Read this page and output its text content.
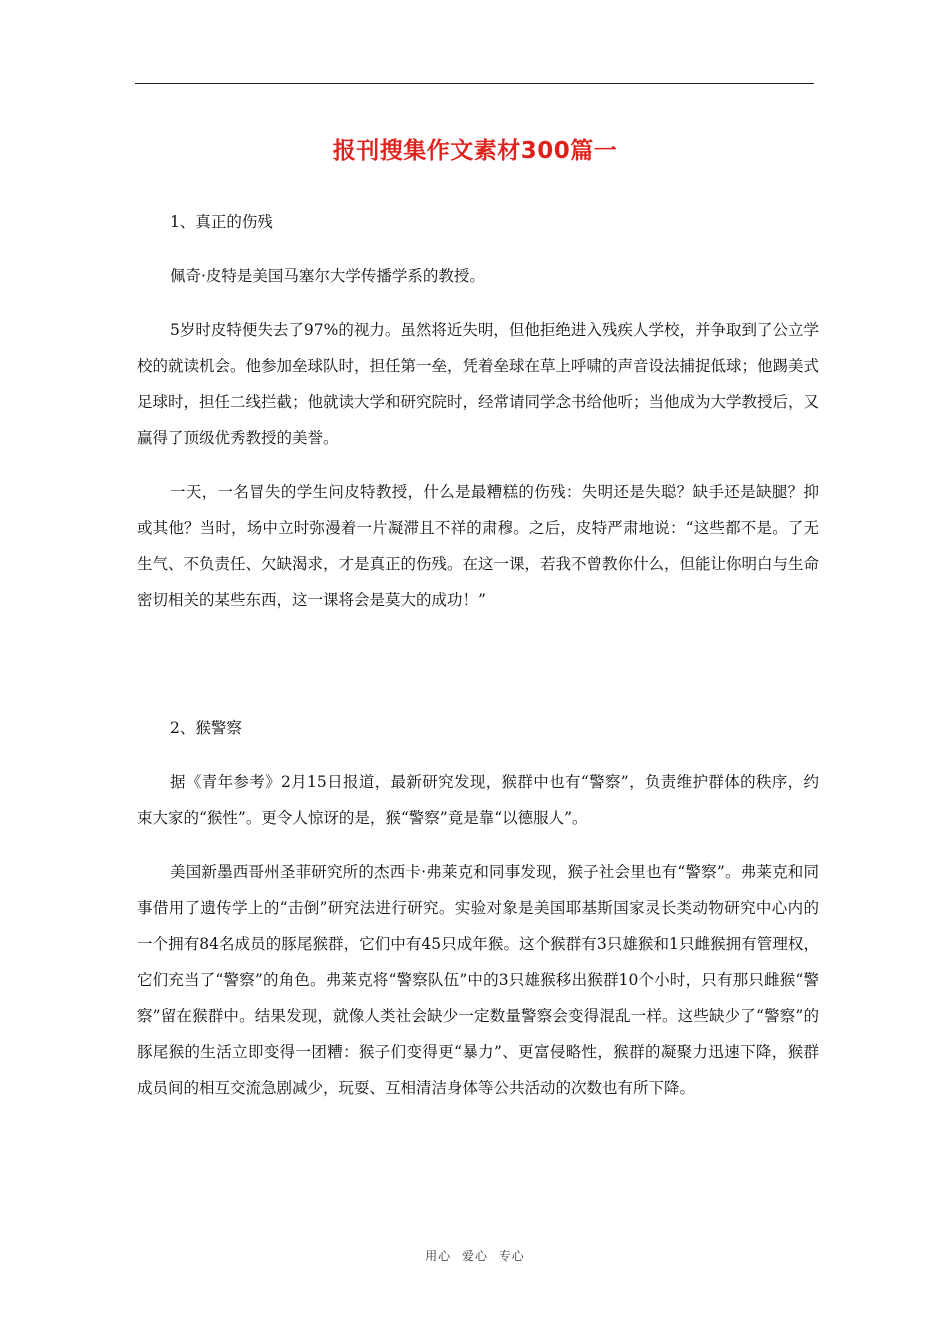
报刊搜集作文素材300篇一

1、真正的伤残

佩奇·皮特是美国马塞尔大学传播学系的教授。

5岁时皮特便失去了97%的视力。虽然将近失明，但他拒绝进入残疾人学校，并争取到了公立学校的就读机会。他参加垒球队时，担任第一垒，凭着垒球在草上呼啸的声音设法捕捉低球；他踢美式足球时，担任二线拦截；他就读大学和研究院时，经常请同学念书给他听；当他成为大学教授后，又赢得了顶级优秀教授的美誉。

一天，一名冒失的学生问皮特教授，什么是最糟糕的伤残：失明还是失聪？缺手还是缺腿？抑或其他？当时，场中立时弥漫着一片凝滞且不祥的肃穆。之后，皮特严肃地说：“这些都不是。了无生气、不负责任、欠缺渴求，才是真正的伤残。在这一课，若我不曾教你什么，但能让你明白与生命密切相关的某些东西，这一课将会是莫大的成功！”

2、猴警察

据《青年参考》2月15日报道，最新研究发现，猴群中也有“警察”，负责维护群体的秩序，约束大家的“猴性”。更令人惊讶的是，猴“警察”竟是靠“以德服人”。

美国新墨西哥州圣菲研究所的杰西卡·弗莱克和同事发现，猴子社会里也有“警察”。弗莱克和同事借用了遗传学上的“击倒”研究法进行研究。实验对象是美国耶基斯国家灵长类动物研究中心内的一个拥有84名成员的豚尾猴群，它们中有45只成年猴。这个猴群有3只雄猴和1只雌猴拥有管理权，它们充当了“警察”的角色。弗莱克将“警察队伍”中的3只雄猴移出猴群10个小时，只有那只雌猴“警察”留在猴群中。结果发现，就像人类社会缺少一定数量警察会变得混乱一样。这些缺少了“警察”的豚尾猴的生活立即变得一团糟：猴子们变得更“暴力”、更富侵略性，猴群的凝聚力迅速下降，猴群成员间的相互交流急剧减少，玩耍、互相清洁身体等公共活动的次数也有所下降。

用心 爱心 专心
